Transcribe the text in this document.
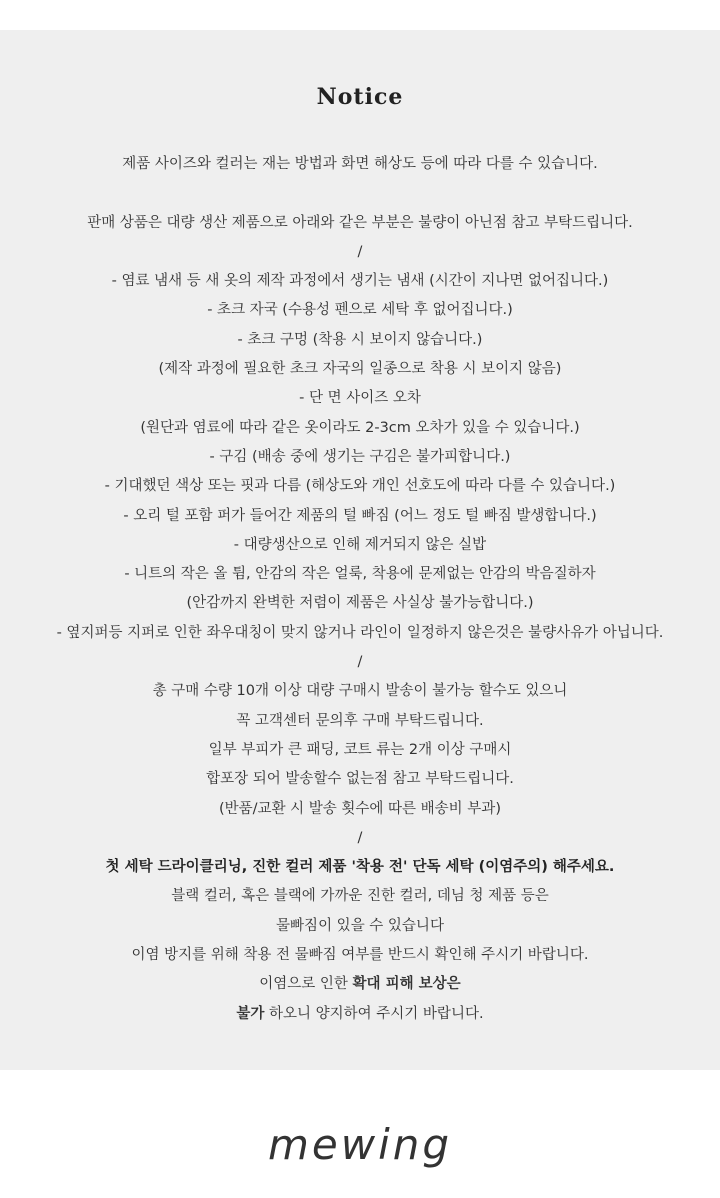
Notice
제품 사이즈와 컬러는 재는 방법과 화면 해상도 등에 따라 다를 수 있습니다.
판매 상품은 대량 생산 제품으로 아래와 같은 부분은 불량이 아닌점 참고 부탁드립니다.
/
- 염료 냄새 등 새 옷의 제작 과정에서 생기는 냄새 (시간이 지나면 없어집니다.)
- 초크 자국 (수용성 펜으로 세탁 후 없어집니다.)
- 초크 구멍 (착용 시 보이지 않습니다.)
(제작 과정에 필요한 초크 자국의 일종으로 착용 시 보이지 않음)
- 단 면 사이즈 오차
(원단과 염료에 따라 같은 옷이라도 2-3cm 오차가 있을 수 있습니다.)
- 구김 (배송 중에 생기는 구김은 불가피합니다.)
- 기대했던 색상 또는 핏과 다름 (해상도와 개인 선호도에 따라 다를 수 있습니다.)
- 오리 털 포함 퍼가 들어간 제품의 털 빠짐 (어느 정도 털 빠짐 발생합니다.)
- 대량생산으로 인해 제거되지 않은 실밥
- 니트의 작은 올 튐, 안감의 작은 얼룩, 착용에 문제없는 안감의 박음질하자
(안감까지 완벽한 저렴이 제품은 사실상 불가능합니다.)
- 옆지퍼등 지퍼로 인한 좌우대칭이 맞지 않거나 라인이 일정하지 않은것은 불량사유가 아닙니다.
/
총 구매 수량 10개 이상 대량 구매시 발송이 불가능 할수도 있으니
꼭 고객센터 문의후 구매 부탁드립니다.
일부 부피가 큰 패딩, 코트 류는 2개 이상 구매시
합포장 되어 발송할수 없는점 참고 부탁드립니다.
(반품/교환 시 발송 횟수에 따른 배송비 부과)
/
첫 세탁 드라이클리닝, 진한 컬러 제품 '착용 전' 단독 세탁 (이염주의) 해주세요.
블랙 컬러, 혹은 블랙에 가까운 진한 컬러, 데님 청 제품 등은
물빠짐이 있을 수 있습니다
이염 방지를 위해 착용 전 물빠짐 여부를 반드시 확인해 주시기 바랍니다.
이염으로 인한 확대 피해 보상은
불가 하오니 양지하여 주시기 바랍니다.
mewing
